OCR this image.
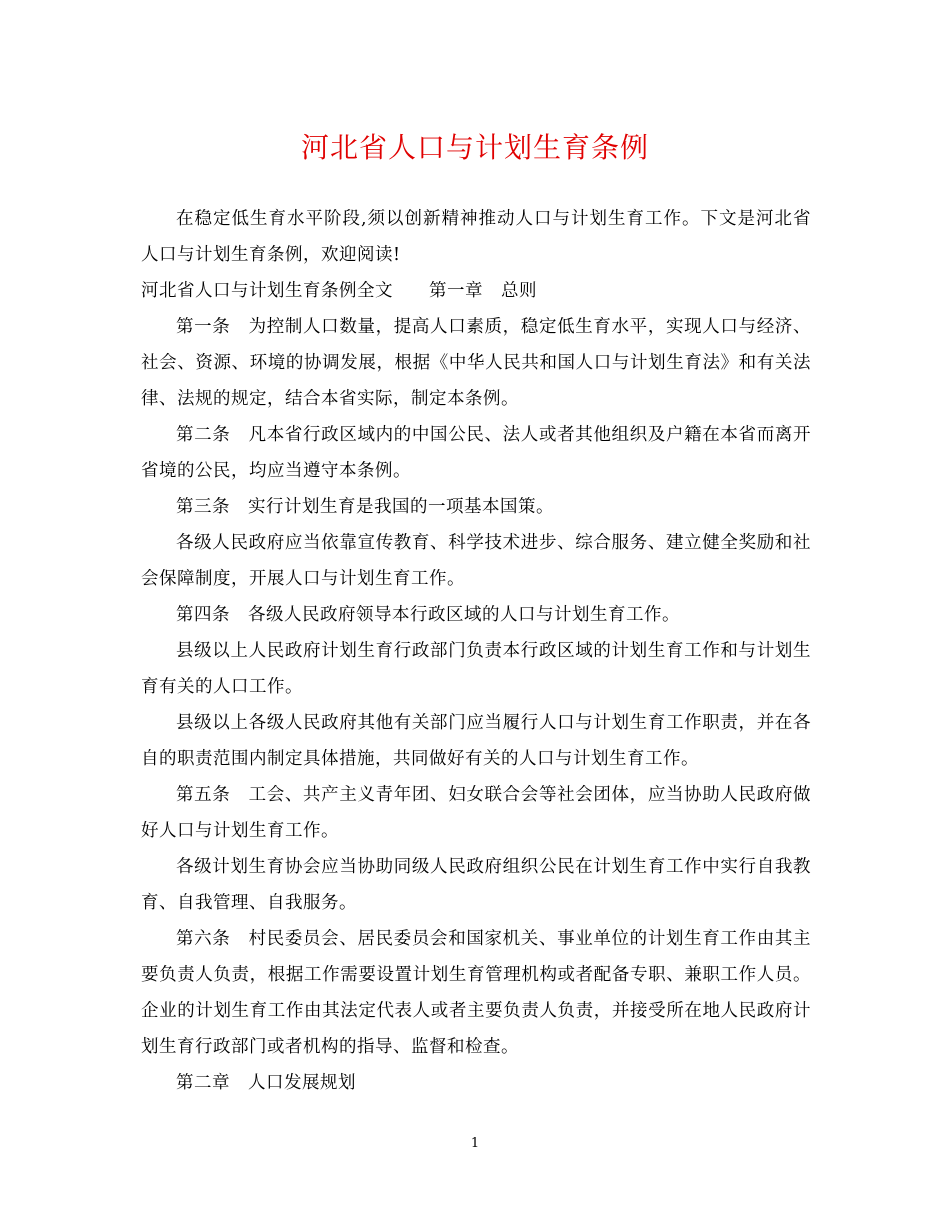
河北省人口与计划生育条例

在稳定低生育水平阶段,须以创新精神推动人口与计划生育工作。下文是河北省人口与计划生育条例，欢迎阅读!

河北省人口与计划生育条例全文　　第一章　总则

第一条　为控制人口数量，提高人口素质，稳定低生育水平，实现人口与经济、社会、资源、环境的协调发展，根据《中华人民共和国人口与计划生育法》和有关法律、法规的规定，结合本省实际，制定本条例。

第二条　凡本省行政区域内的中国公民、法人或者其他组织及户籍在本省而离开省境的公民，均应当遵守本条例。

第三条　实行计划生育是我国的一项基本国策。

各级人民政府应当依靠宣传教育、科学技术进步、综合服务、建立健全奖励和社会保障制度，开展人口与计划生育工作。

第四条　各级人民政府领导本行政区域的人口与计划生育工作。

县级以上人民政府计划生育行政部门负责本行政区域的计划生育工作和与计划生育有关的人口工作。

县级以上各级人民政府其他有关部门应当履行人口与计划生育工作职责，并在各自的职责范围内制定具体措施，共同做好有关的人口与计划生育工作。

第五条　工会、共产主义青年团、妇女联合会等社会团体，应当协助人民政府做好人口与计划生育工作。

各级计划生育协会应当协助同级人民政府组织公民在计划生育工作中实行自我教育、自我管理、自我服务。

第六条　村民委员会、居民委员会和国家机关、事业单位的计划生育工作由其主要负责人负责，根据工作需要设置计划生育管理机构或者配备专职、兼职工作人员。企业的计划生育工作由其法定代表人或者主要负责人负责，并接受所在地人民政府计划生育行政部门或者机构的指导、监督和检查。

第二章　人口发展规划

1
